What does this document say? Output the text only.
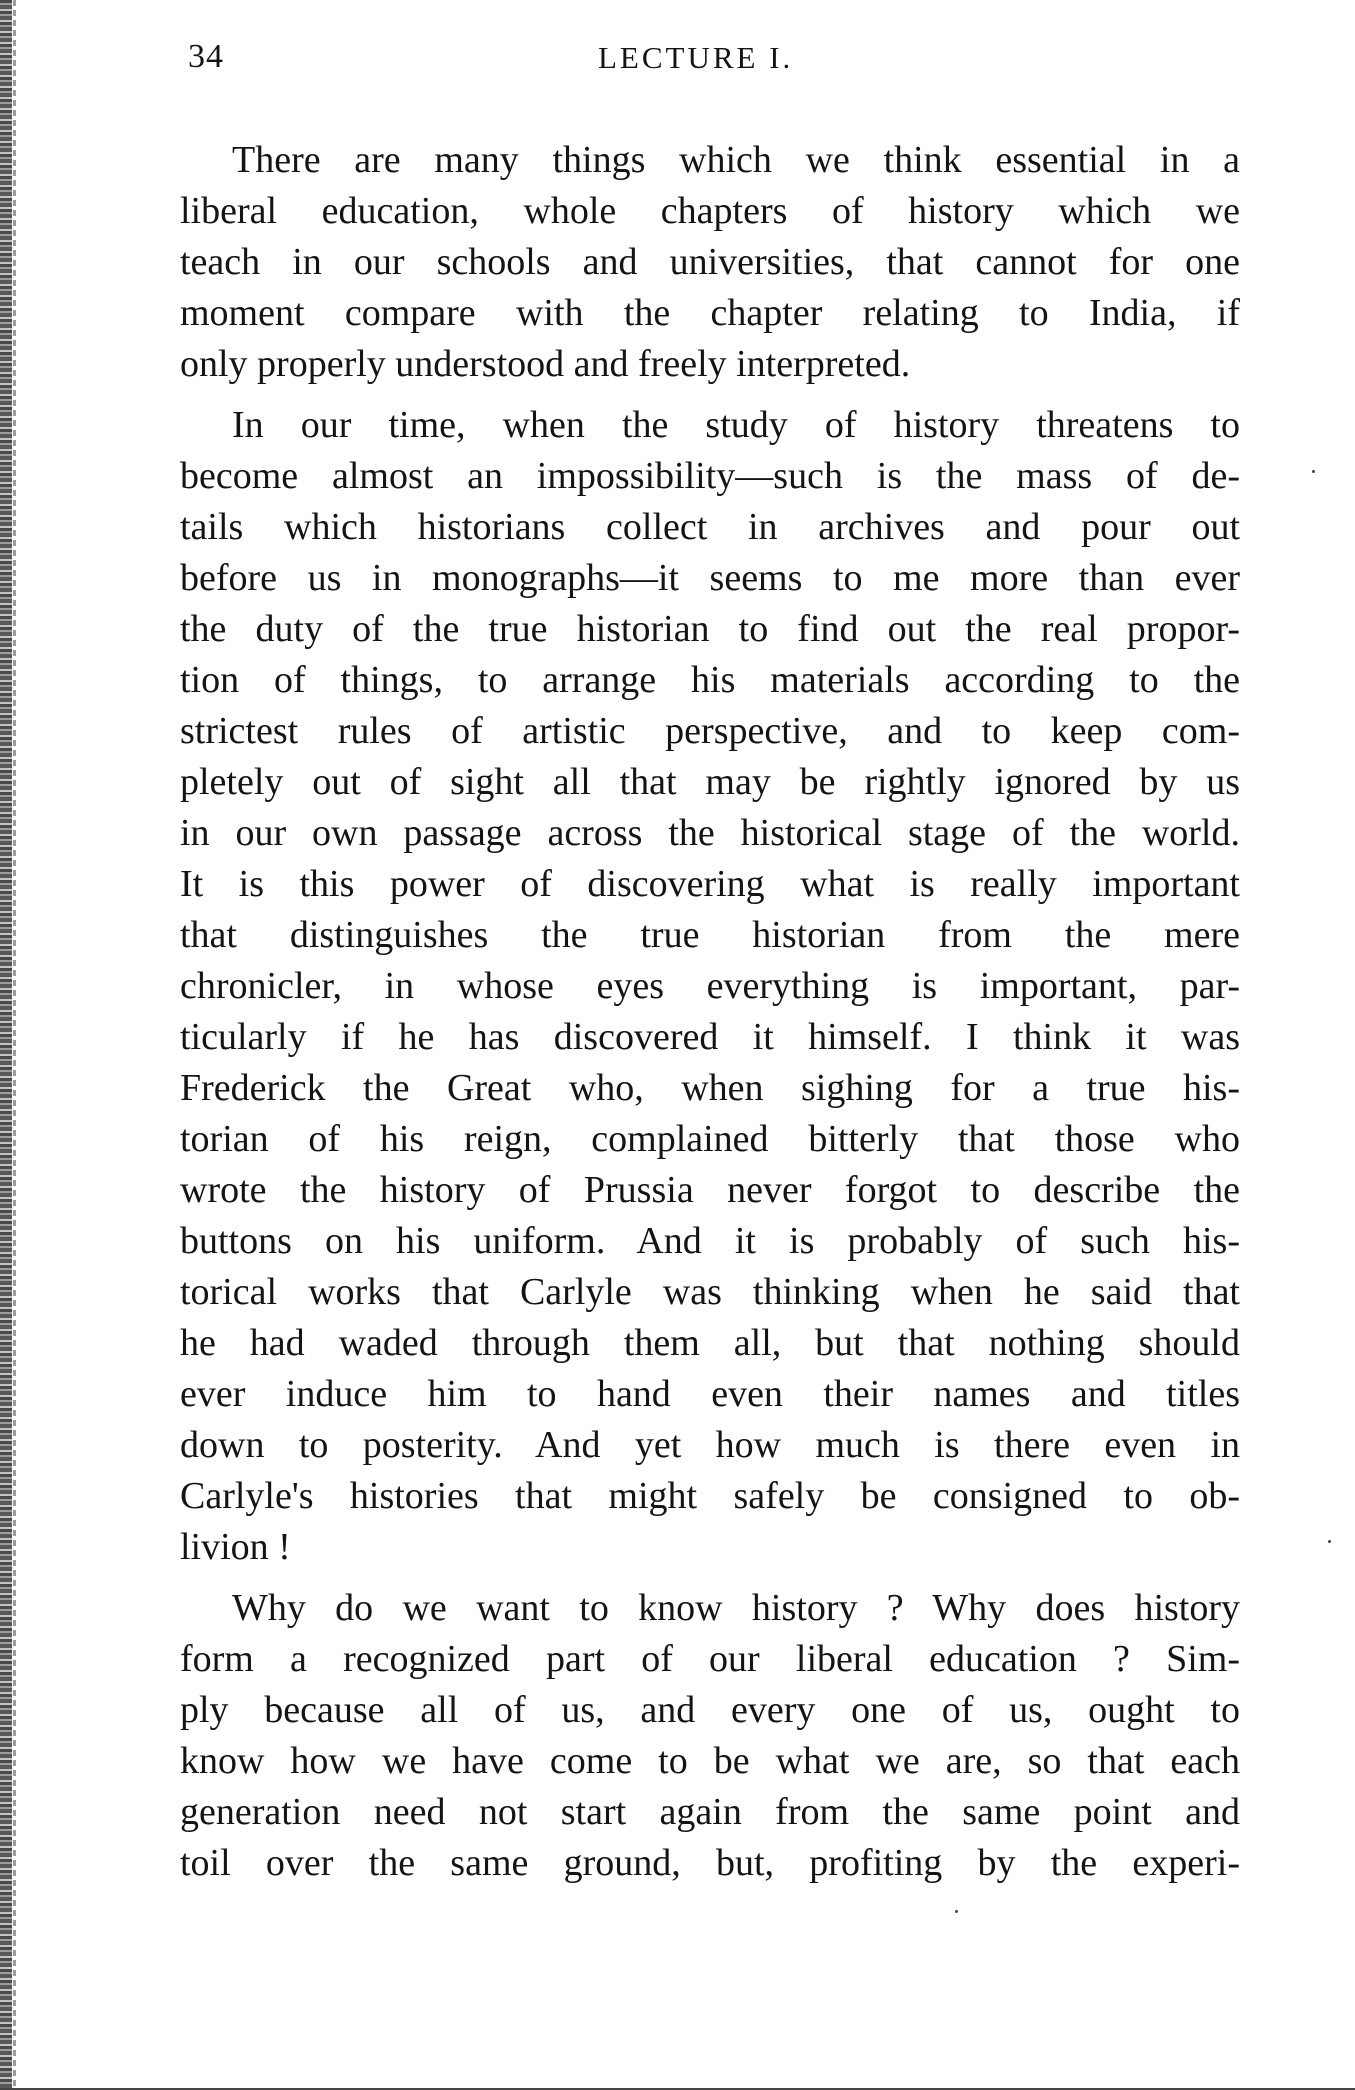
34	LECTURE I.

There are many things which we think essential in a
liberal education, whole chapters of history which we
teach in our schools and universities, that cannot for one
moment compare with the chapter relating to India, if
only properly understood and freely interpreted.

In our time, when the study of history threatens to
become almost an impossibility—such is the mass of de-
tails which historians collect in archives and pour out
before us in monographs—it seems to me more than ever
the duty of the true historian to find out the real propor-
tion of things, to arrange his materials according to the
strictest rules of artistic perspective, and to keep com-
pletely out of sight all that may be rightly ignored by us
in our own passage across the historical stage of the world.
It is this power of discovering what is really important
that distinguishes the true historian from the mere
chronicler, in whose eyes everything is important, par-
ticularly if he has discovered it himself. I think it was
Frederick the Great who, when sighing for a true his-
torian of his reign, complained bitterly that those who
wrote the history of Prussia never forgot to describe the
buttons on his uniform. And it is probably of such his-
torical works that Carlyle was thinking when he said that
he had waded through them all, but that nothing should
ever induce him to hand even their names and titles
down to posterity. And yet how much is there even in
Carlyle's histories that might safely be consigned to ob-
livion !

Why do we want to know history ? Why does history
form a recognized part of our liberal education ? Sim-
ply because all of us, and every one of us, ought to
know how we have come to be what we are, so that each
generation need not start again from the same point and
toil over the same ground, but, profiting by the experi-
